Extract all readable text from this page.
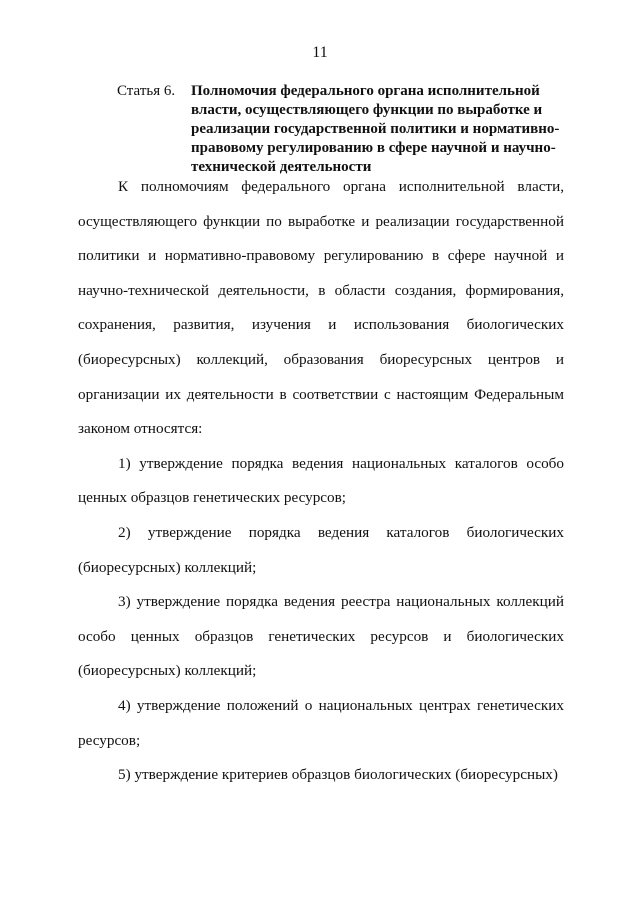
11
Статья 6.	Полномочия федерального органа исполнительной власти, осуществляющего функции по выработке и реализации государственной политики и нормативно-правовому регулированию в сфере научной и научно-технической деятельности

К полномочиям федерального органа исполнительной власти, осуществляющего функции по выработке и реализации государственной политики и нормативно-правовому регулированию в сфере научной и научно-технической деятельности, в области создания, формирования, сохранения, развития, изучения и использования биологических (биоресурсных) коллекций, образования биоресурсных центров и организации их деятельности в соответствии с настоящим Федеральным законом относятся:

1) утверждение порядка ведения национальных каталогов особо ценных образцов генетических ресурсов;

2) утверждение порядка ведения каталогов биологических (биоресурсных) коллекций;

3) утверждение порядка ведения реестра национальных коллекций особо ценных образцов генетических ресурсов и биологических (биоресурсных) коллекций;

4) утверждение положений о национальных центрах генетических ресурсов;

5) утверждение критериев образцов биологических (биоресурсных)
